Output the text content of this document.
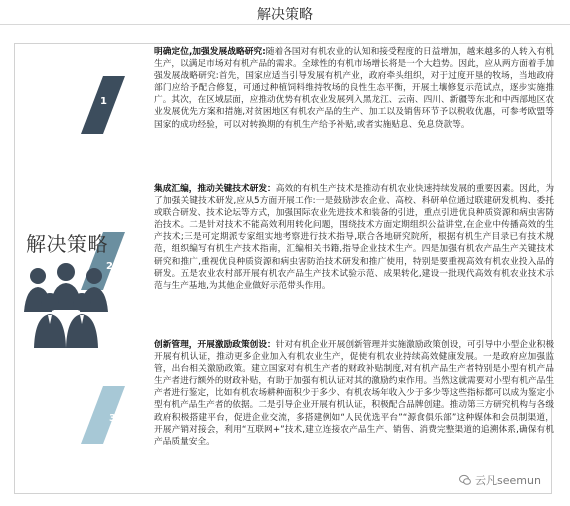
解决策略
1
2
3
解决策略
明确定位,加强发展战略研究:随着各国对有机农业的认知和接受程度的日益增加，越来越多的人转入有机生产，以满足市场对有机产品的需求。全球性的有机市场增长将是一个大趋势。因此，应从两方面着手加强发展战略研究:首先，国家应适当引导发展有机产业，政府牵头组织，对于过度开垦的牧场，当地政府部门应给予配合修复，可通过种植饲料维持牧场的良性生态平衡，开展土壤修复示范试点，逐步实施推广。其次，在区域层面，应推动优势有机农业发展列入黑龙江、云南、四川、新疆等东北和中西部地区农业发展优先方案和措施,对贫困地区有机农产品的生产、加工以及销售环节予以税收优惠，可参考欧盟等国家的成功经验，可以对转换期的有机生产给予补贴,或者实施贴息、免息贷款等。
集成汇编，推动关键技术研发：高效的有机生产技术是推动有机农业快速持续发展的重要因素。因此，为了加强关键技术研发,应从5方面开展工作:一是鼓励涉农企业、高校、科研单位通过联建研发机构、委托或联合研发、技术论坛等方式，加强国际农业先进技术和装备的引进，重点引进优良种质资源和病虫害防治技术。二是针对技术不能高效利用转化问题，围绕技术方面定期组织公益讲堂,在企业中传播高效的生产技术;三是可定期派专家组实地考察进行技术指导,联合各地研究院所，根据有机生产目录已有技术规范，组织编写有机生产技术指南，汇编相关书籍,指导企业技术生产。四是加强有机农产品生产关键技术研究和推广,重视优良种质资源和病虫害防治技术研发和推广使用，特别是要重视高效有机农业投入品的研发。五是农业农村部开展有机农产品生产技术试验示范、成果转化,建设一批现代高效有机农业技术示范与生产基地,为其他企业做好示范带头作用。
创新管理，开展激励政策创设：针对有机企业开展创新管理并实施激励政策创设，可引导中小型企业积极开展有机认证，推动更多企业加入有机农业生产，促使有机农业持续高效健康发展。一是政府应加强监管，出台相关激励政策。建立国家对有机生产者的财政补贴制度,对有机产品生产者特别是小型有机产品生产者进行额外的财政补贴，有助于加强有机认证对其的激励约束作用。当然这就需要对小型有机产品生产者进行鉴定，比如有机农场耕种面积少于多少、有机农场年收入少于多少等这些指标都可以成为鉴定小型有机产品生产者的依据。二是引导企业开展有机认证，积极配合品牌创建。推动第三方研究机构与各级政府积极搭建平台，促进企业交流，多搭建例如“人民优选平台”“源食俱乐部”这种媒体和会员制渠道，开展产销对接会，利用“互联网+”技术,建立连接农产品生产、销售、消费完整渠道的追溯体系,确保有机产品质量安全。
云凡seemun
